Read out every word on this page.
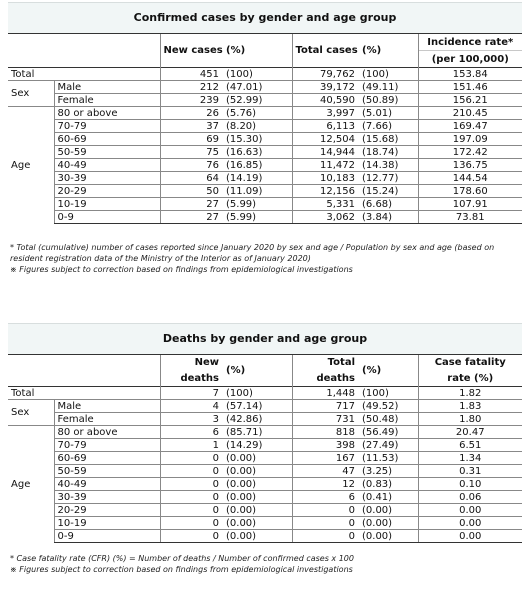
Confirmed cases by gender and age group
		New cases	(%)	Total cases	(%)	Incidence rate*
						(per 100,000)
Total		451	(100)	79,762	(100)	153.84
Sex	Male	212	(47.01)	39,172	(49.11)	151.46
	Female	239	(52.99)	40,590	(50.89)	156.21
Age	80 or above	26	(5.76)	3,997	(5.01)	210.45
	70-79	37	(8.20)	6,113	(7.66)	169.47
	60-69	69	(15.30)	12,504	(15.68)	197.09
	50-59	75	(16.63)	14,944	(18.74)	172.42
	40-49	76	(16.85)	11,472	(14.38)	136.75
	30-39	64	(14.19)	10,183	(12.77)	144.54
	20-29	50	(11.09)	12,156	(15.24)	178.60
	10-19	27	(5.99)	5,331	(6.68)	107.91
	0-9	27	(5.99)	3,062	(3.84)	73.81
* Total (cumulative) number of cases reported since January 2020 by sex and age / Population by sex and age (based on resident registration data of the Ministry of the Interior as of January 2020)
※ Figures subject to correction based on findings from epidemiological investigations
Deaths by gender and age group
		New	(%)	Total	(%)	Case fatality
		deaths		deaths		rate (%)
Total		7	(100)	1,448	(100)	1.82
Sex	Male	4	(57.14)	717	(49.52)	1.83
	Female	3	(42.86)	731	(50.48)	1.80
Age	80 or above	6	(85.71)	818	(56.49)	20.47
	70-79	1	(14.29)	398	(27.49)	6.51
	60-69	0	(0.00)	167	(11.53)	1.34
	50-59	0	(0.00)	47	(3.25)	0.31
	40-49	0	(0.00)	12	(0.83)	0.10
	30-39	0	(0.00)	6	(0.41)	0.06
	20-29	0	(0.00)	0	(0.00)	0.00
	10-19	0	(0.00)	0	(0.00)	0.00
	0-9	0	(0.00)	0	(0.00)	0.00
* Case fatality rate (CFR) (%) = Number of deaths / Number of confirmed cases x 100
※ Figures subject to correction based on findings from epidemiological investigations
